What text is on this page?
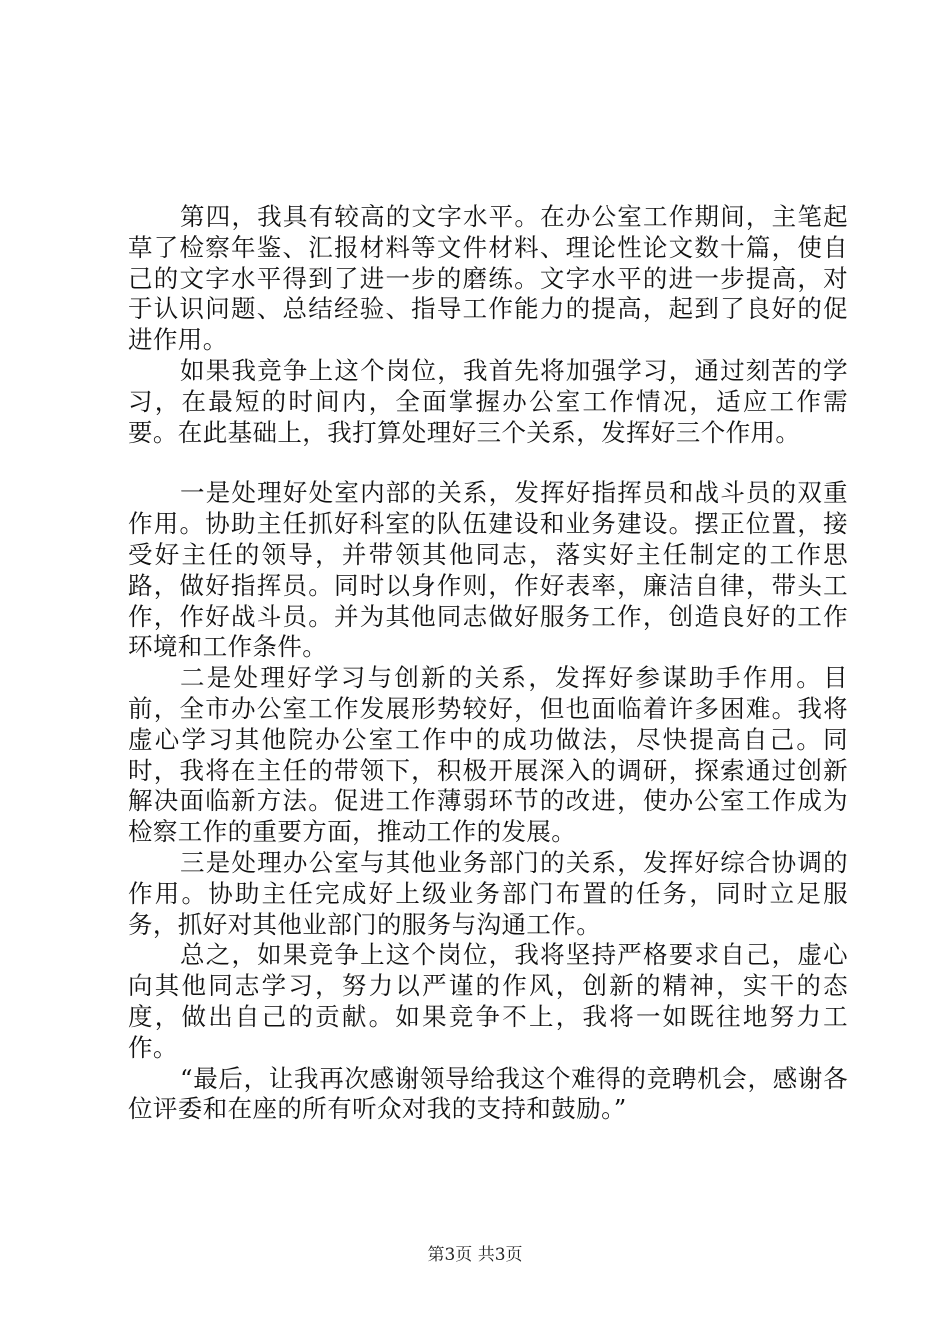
第四，我具有较高的文字水平。在办公室工作期间，主笔起草了检察年鉴、汇报材料等文件材料、理论性论文数十篇，使自己的文字水平得到了进一步的磨练。文字水平的进一步提高，对于认识问题、总结经验、指导工作能力的提高，起到了良好的促进作用。

如果我竞争上这个岗位，我首先将加强学习，通过刻苦的学习，在最短的时间内，全面掌握办公室工作情况，适应工作需要。在此基础上，我打算处理好三个关系，发挥好三个作用。

一是处理好处室内部的关系，发挥好指挥员和战斗员的双重作用。协助主任抓好科室的队伍建设和业务建设。摆正位置，接受好主任的领导，并带领其他同志，落实好主任制定的工作思路，做好指挥员。同时以身作则，作好表率，廉洁自律，带头工作，作好战斗员。并为其他同志做好服务工作，创造良好的工作环境和工作条件。

二是处理好学习与创新的关系，发挥好参谋助手作用。目前，全市办公室工作发展形势较好，但也面临着许多困难。我将虚心学习其他院办公室工作中的成功做法，尽快提高自己。同时，我将在主任的带领下，积极开展深入的调研，探索通过创新解决面临新方法。促进工作薄弱环节的改进，使办公室工作成为检察工作的重要方面，推动工作的发展。

三是处理办公室与其他业务部门的关系，发挥好综合协调的作用。协助主任完成好上级业务部门布置的任务，同时立足服务，抓好对其他业部门的服务与沟通工作。

总之，如果竞争上这个岗位，我将坚持严格要求自己，虚心向其他同志学习，努力以严谨的作风，创新的精神，实干的态度，做出自己的贡献。如果竞争不上，我将一如既往地努力工作。

“最后，让我再次感谢领导给我这个难得的竞聘机会，感谢各位评委和在座的所有听众对我的支持和鼓励。”

第3页 共3页
